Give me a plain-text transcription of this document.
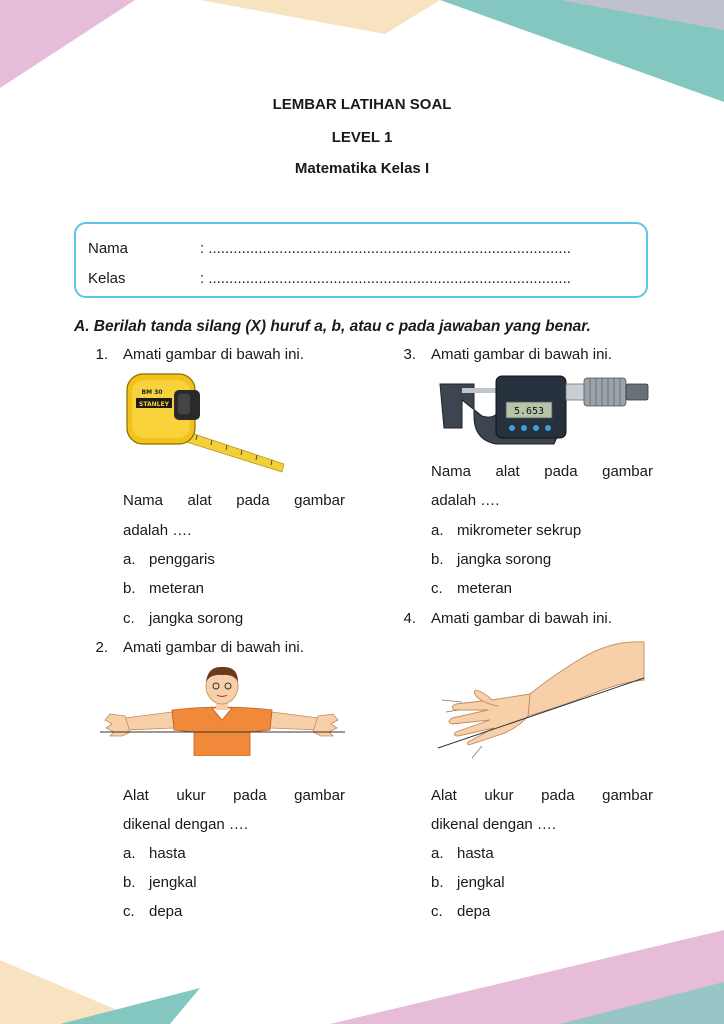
LEMBAR LATIHAN SOAL
LEVEL 1
Matematika Kelas I
Nama	: .......................................................................................
Kelas	: .......................................................................................
A. Berilah tanda silang (X) huruf a, b, atau c pada jawaban yang benar.
1. Amati gambar di bawah ini.
STANLEY
BM 30
Nama alat pada gambar
adalah ….
a. penggaris
b. meteran
c. jangka sorong
2. Amati gambar di bawah ini.
Alat ukur pada gambar
dikenal dengan ….
a. hasta
b. jengkal
c. depa
3. Amati gambar di bawah ini.
5.653
Nama alat pada gambar
adalah ….
a. mikrometer sekrup
b. jangka sorong
c. meteran
4. Amati gambar di bawah ini.
Alat ukur pada gambar
dikenal dengan ….
a. hasta
b. jengkal
c. depa
